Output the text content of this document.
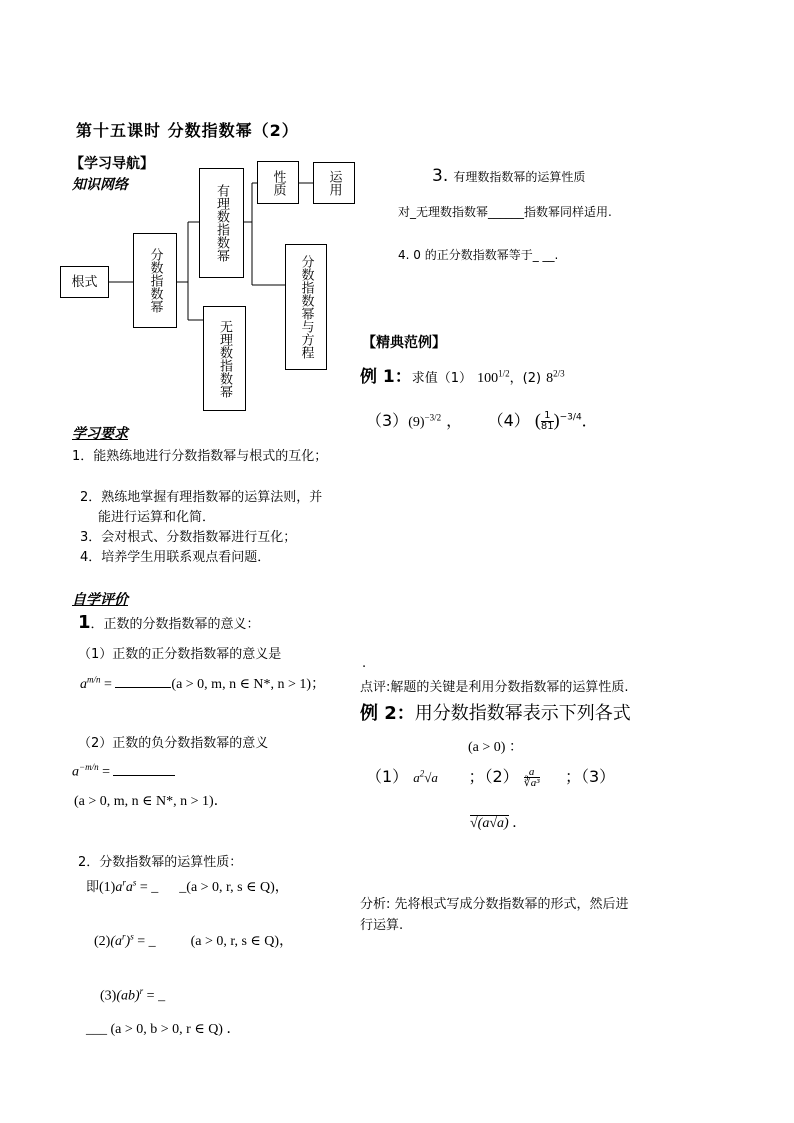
第十五课时 分数指数幂（2）
【学习导航】
知识网络
根式	分数指数幂
有理数指数幂
无理数指数幂
性质	运用
分数指数幂与方程
学习要求
1．能熟练地进行分数指数幂与根式的互化；
2．熟练地掌握有理指数幂的运算法则，并
能进行运算和化简．
3．会对根式、分数指数幂进行互化；
4．培养学生用联系观点看问题．
自学评价
1．正数的分数指数幂的意义：
（1）正数的正分数指数幂的意义是
$a^{m/n}$ =	(a > 0, m, n ∈ N*, n > 1)；
（2）正数的负分数指数幂的意义
$a^{-m/n}$ =
(a > 0, m, n ∈ N*, n > 1)．
2．分数指数幂的运算性质：
即$(1)a^ra^s$ = _      _(a > 0, r, s ∈ Q)，
$(2)(a^r)^s$ = _	(a > 0, r, s ∈ Q)，
(3)(ab)$^r$ = _
___ (a > 0, b > 0, r ∈ Q) ．
3. 有理数指数幂的运算性质
对_无理数指数幂______指数幂同样适用.
4. 0 的正分数指数幂等于_ __.
【精典范例】
例 1：求值（1） $100^{1/2}$，(2) $8^{2/3}$
$(3)(9)^{-3/2}$ ，     （4） ( $\frac{1}{81} )^{-3/4}$．
.
点评:解题的关键是利用分数指数幂的运算性质.
例 2：用分数指数幂表示下列各式
(a > 0) ：
（1） $a^2√a$ ；$(2) \frac{a}{\text{∛a³}}$ ；（3）
√(a√a) ．
分析: 先将根式写成分数指数幂的形式，然后进
行运算.
